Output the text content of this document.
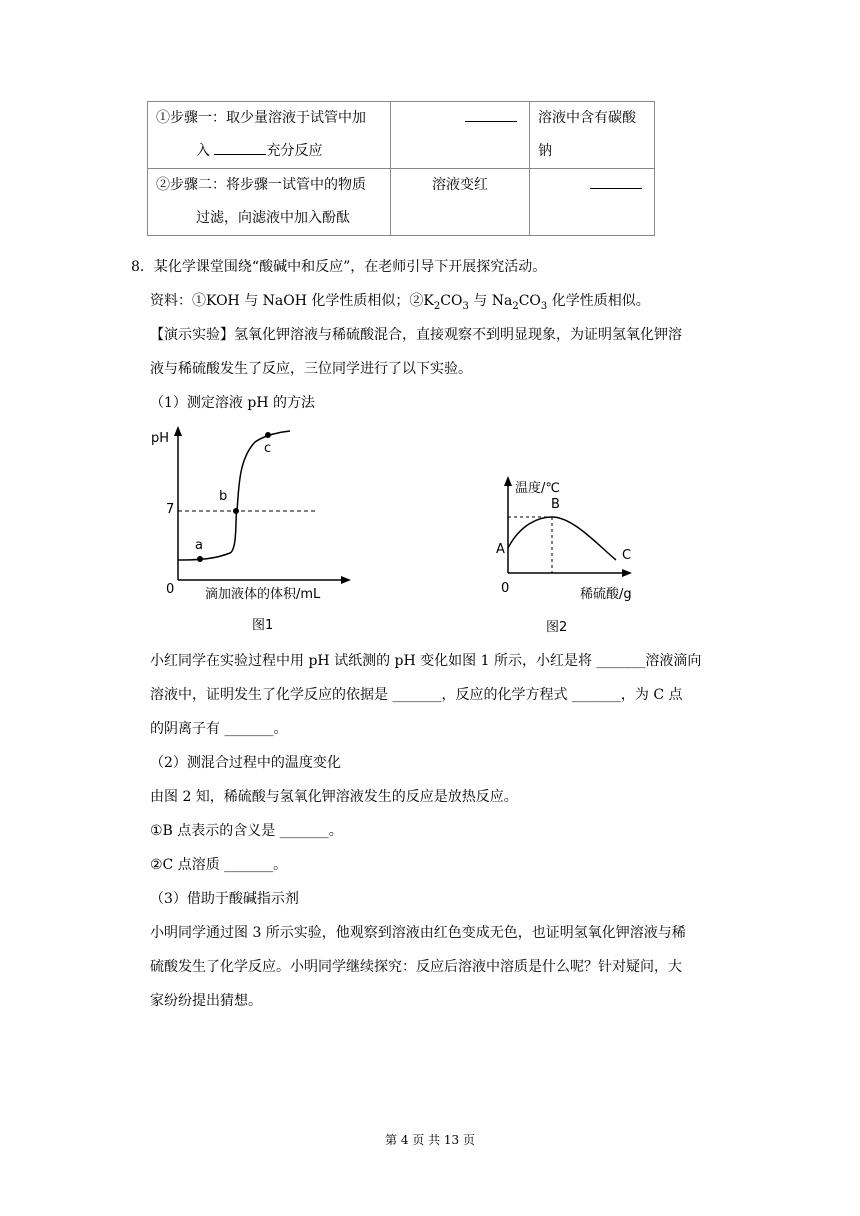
①步骤一：取少量溶液于试管中加
入 充分反应		溶液中含有碳酸钠
②步骤二：将步骤一试管中的物质
过滤，向滤液中加入酚酞	溶液变红	
8．某化学课堂围绕“酸碱中和反应”，在老师引导下开展探究活动。
资料：①KOH 与 NaOH 化学性质相似；$②K_2CO_3$ 与 $Na_2CO_3$ 化学性质相似。
【演示实验】氢氧化钾溶液与稀硫酸混合，直接观察不到明显现象，为证明氢氧化钾溶
液与稀硫酸发生了反应，三位同学进行了以下实验。
（1）测定溶液 pH 的方法
pH
7
0 滴加液体的体积/mL
a
b
c
图1
温度/℃
A
B
C
0	稀硫酸/g
图2
小红同学在实验过程中用 pH 试纸测的 pH 变化如图 1 所示，小红是将 _______溶液滴向
溶液中，证明发生了化学反应的依据是 _______，反应的化学方程式 _______，为 C 点
的阴离子有 _______。
（2）测混合过程中的温度变化
由图 2 知，稀硫酸与氢氧化钾溶液发生的反应是放热反应。
①B 点表示的含义是 _______。
②C 点溶质 _______。
（3）借助于酸碱指示剂
小明同学通过图 3 所示实验，他观察到溶液由红色变成无色，也证明氢氧化钾溶液与稀
硫酸发生了化学反应。小明同学继续探究：反应后溶液中溶质是什么呢？针对疑问，大
家纷纷提出猜想。
第 4 页 共 13 页
